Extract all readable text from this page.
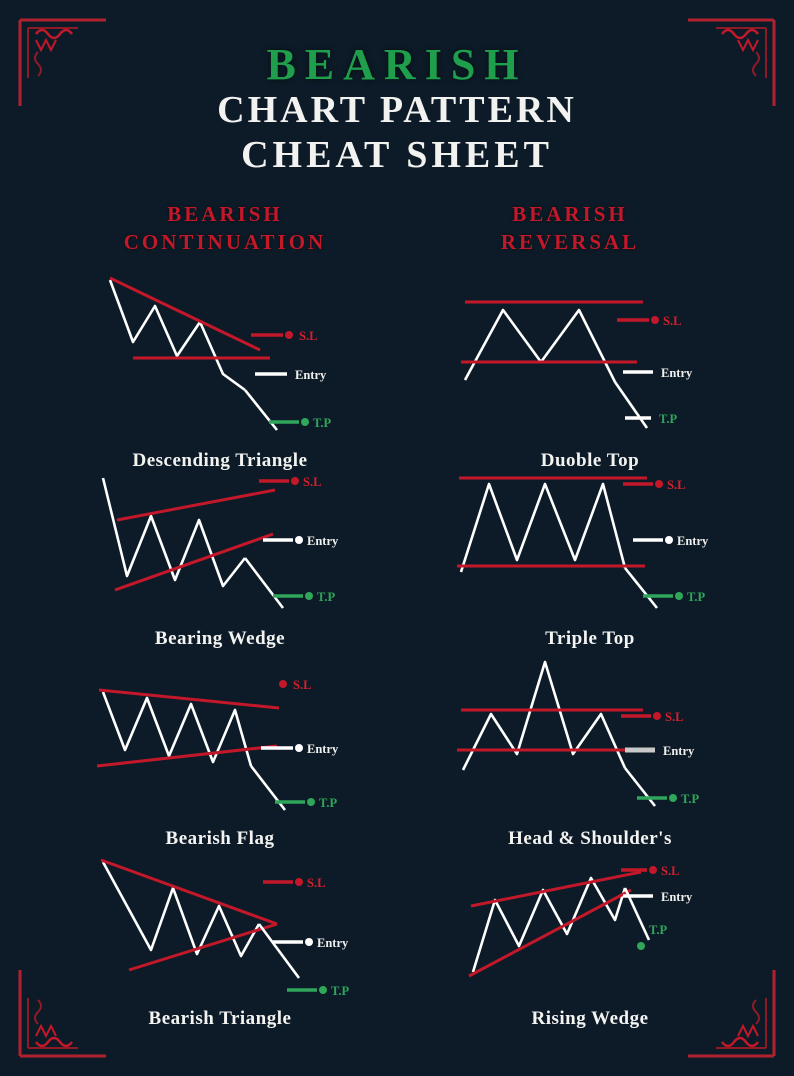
BEARISH
CHART PATTERN
CHEAT SHEET
BEARISH
CONTINUATION
BEARISH
REVERSAL
S.L
Entry
T.P
Descending Triangle
S.L
Entry
T.P
Bearing Wedge
S.L
Entry
T.P
Bearish Flag
S.L
Entry
T.P
Bearish Triangle
S.L
Entry
T.P
Duoble Top
S.L
Entry
T.P
Triple Top
S.L
Entry
T.P
Head & Shoulder's
S.L
Entry
T.P
Rising Wedge
